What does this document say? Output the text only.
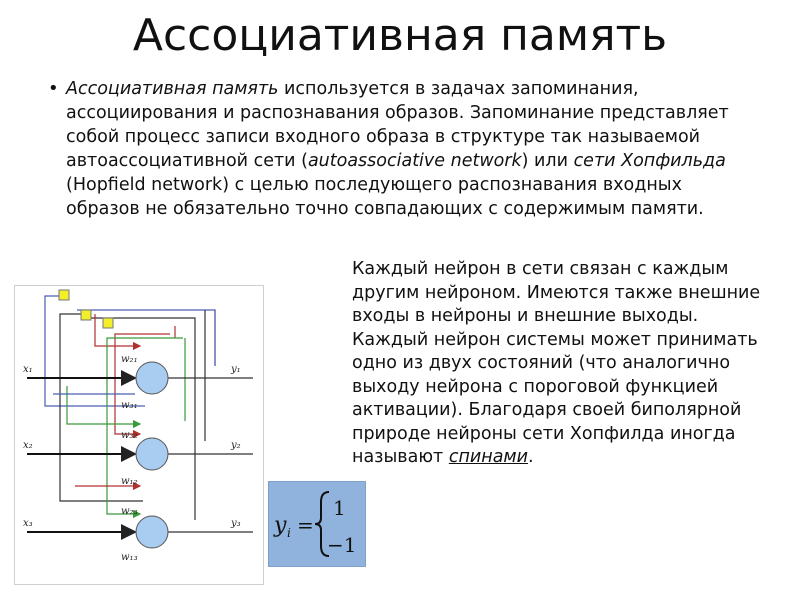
Ассоциативная память
• Ассоциативная память используется в задачах запоминания, ассоциирования и распознавания образов. Запоминание представляет собой процесс записи входного образа в структуре так называемой автоассоциативной сети (autoassociative network) или сети Хопфильда (Hopfield network) с целью последующего распознавания входных образов не обязательно точно совпадающих с содержимым памяти.
Каждый нейрон в сети связан с каждым другим нейроном. Имеются также внешние входы в нейроны и внешние выходы. Каждый нейрон системы может принимать одно из двух состояний (что аналогично выходу нейрона с пороговой функцией активации). Благодаря своей биполярной природе нейроны сети Хопфилда иногда называют спинами.
x₁
x₂
x₃
y₁
y₂
y₃
w₂₁
w₃₁
w₃₂
w₁₂
w₂₃
w₁₃
y i =
1
−1
